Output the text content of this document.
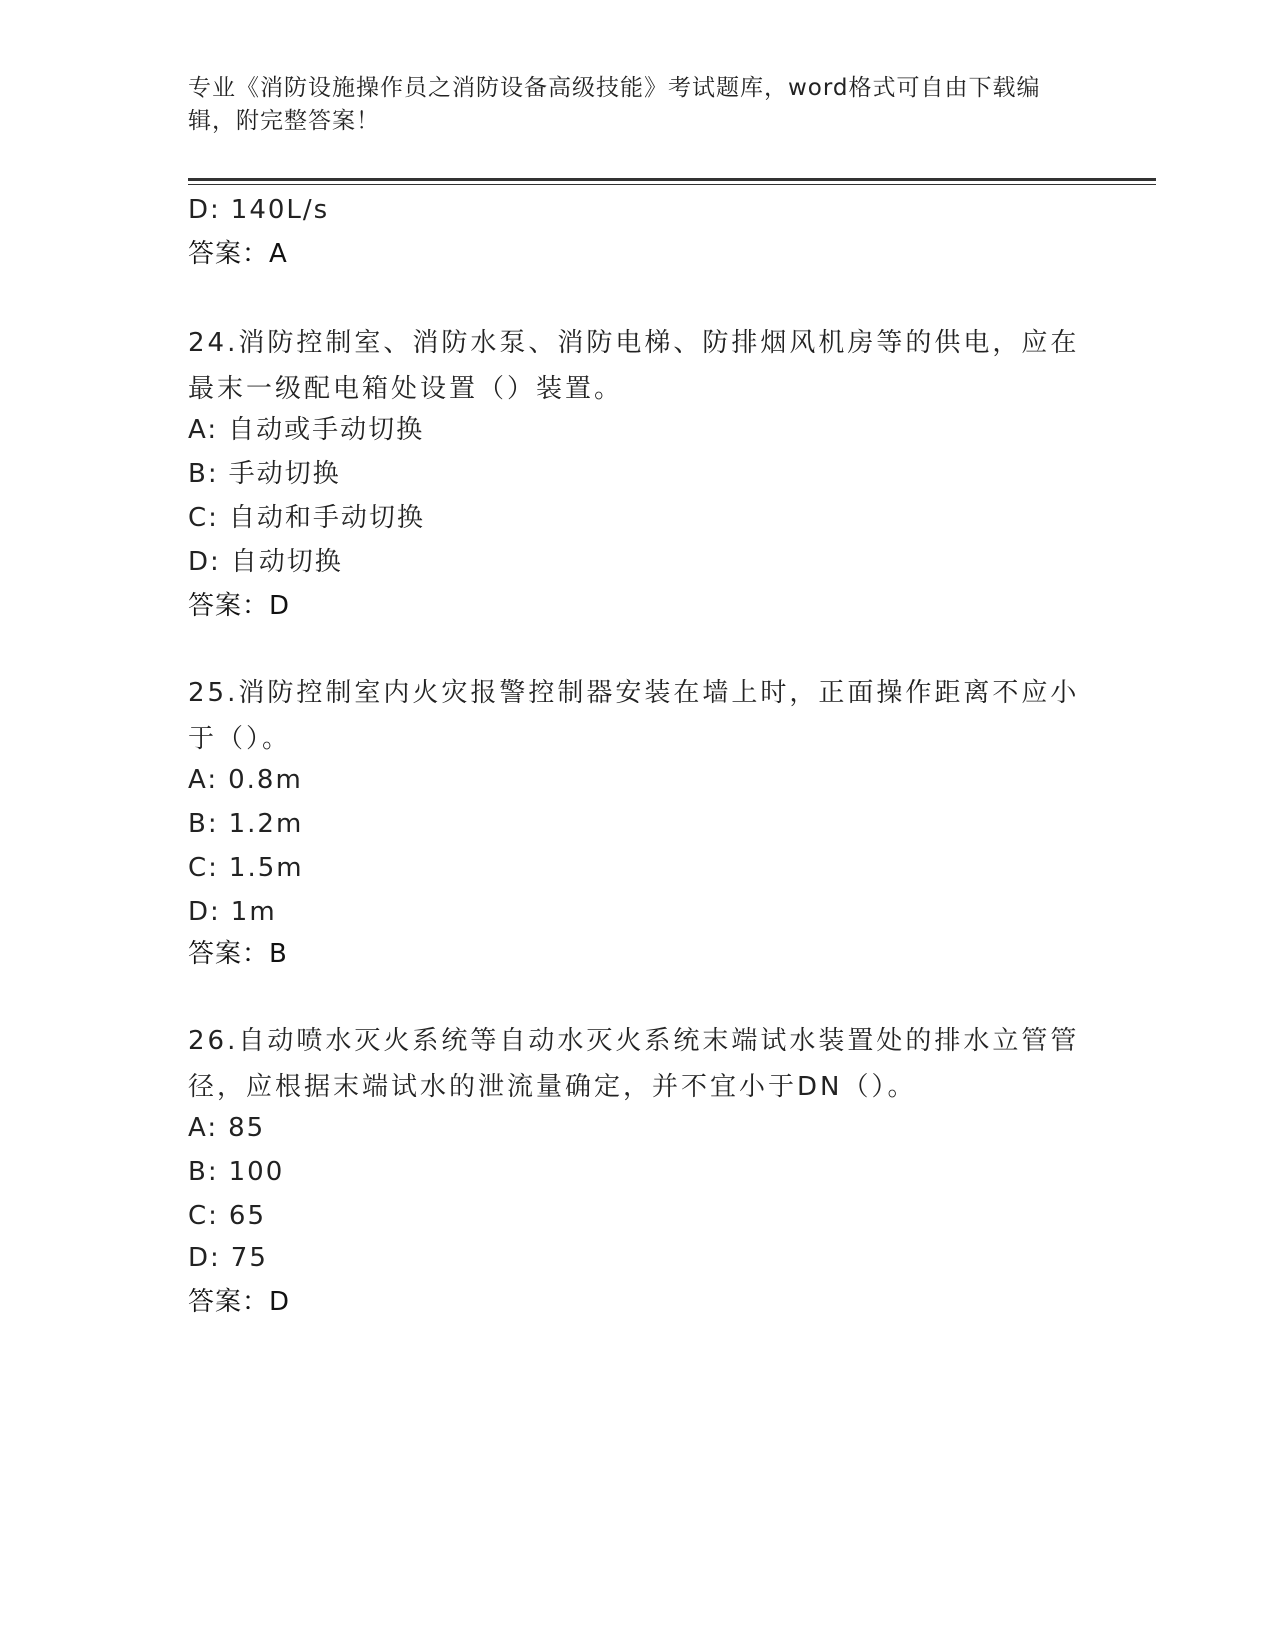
专业《消防设施操作员之消防设备高级技能》考试题库，word格式可自由下载编辑，附完整答案！
D: 140L/s
答案：A
24.消防控制室、消防水泵、消防电梯、防排烟风机房等的供电，应在最末一级配电箱处设置（）装置。
A: 自动或手动切换
B: 手动切换
C: 自动和手动切换
D: 自动切换
答案：D
25.消防控制室内火灾报警控制器安装在墙上时，正面操作距离不应小于（）。
A: 0.8m
B: 1.2m
C: 1.5m
D: 1m
答案：B
26.自动喷水灭火系统等自动水灭火系统末端试水装置处的排水立管管径，应根据末端试水的泄流量确定，并不宜小于DN（）。
A: 85
B: 100
C: 65
D: 75
答案：D
